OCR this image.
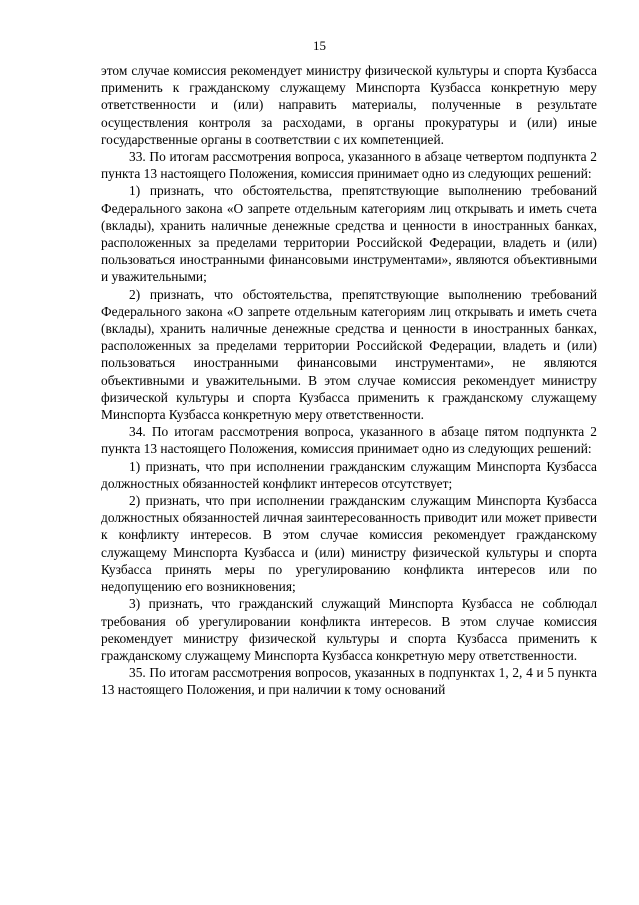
15

этом случае комиссия рекомендует министру физической культуры и спорта Кузбасса применить к гражданскому служащему Минспорта Кузбасса конкретную меру ответственности и (или) направить материалы, полученные в результате осуществления контроля за расходами, в органы прокуратуры и (или) иные государственные органы в соответствии с их компетенцией.

33. По итогам рассмотрения вопроса, указанного в абзаце четвертом подпункта 2 пункта 13 настоящего Положения, комиссия принимает одно из следующих решений:

1) признать, что обстоятельства, препятствующие выполнению требований Федерального закона «О запрете отдельным категориям лиц открывать и иметь счета (вклады), хранить наличные денежные средства и ценности в иностранных банках, расположенных за пределами территории Российской Федерации, владеть и (или) пользоваться иностранными финансовыми инструментами», являются объективными и уважительными;

2) признать, что обстоятельства, препятствующие выполнению требований Федерального закона «О запрете отдельным категориям лиц открывать и иметь счета (вклады), хранить наличные денежные средства и ценности в иностранных банках, расположенных за пределами территории Российской Федерации, владеть и (или) пользоваться иностранными финансовыми инструментами», не являются объективными и уважительными. В этом случае комиссия рекомендует министру физической культуры и спорта Кузбасса применить к гражданскому служащему Минспорта Кузбасса конкретную меру ответственности.

34. По итогам рассмотрения вопроса, указанного в абзаце пятом подпункта 2 пункта 13 настоящего Положения, комиссия принимает одно из следующих решений:

1) признать, что при исполнении гражданским служащим Минспорта Кузбасса должностных обязанностей конфликт интересов отсутствует;

2) признать, что при исполнении гражданским служащим Минспорта Кузбасса должностных обязанностей личная заинтересованность приводит или может привести к конфликту интересов. В этом случае комиссия рекомендует гражданскому служащему Минспорта Кузбасса и (или) министру физической культуры и спорта Кузбасса принять меры по урегулированию конфликта интересов или по недопущению его возникновения;

3) признать, что гражданский служащий Минспорта Кузбасса не соблюдал требования об урегулировании конфликта интересов. В этом случае комиссия рекомендует министру физической культуры и спорта Кузбасса применить к гражданскому служащему Минспорта Кузбасса конкретную меру ответственности.

35. По итогам рассмотрения вопросов, указанных в подпунктах 1, 2, 4 и 5 пункта 13 настоящего Положения, и при наличии к тому оснований
